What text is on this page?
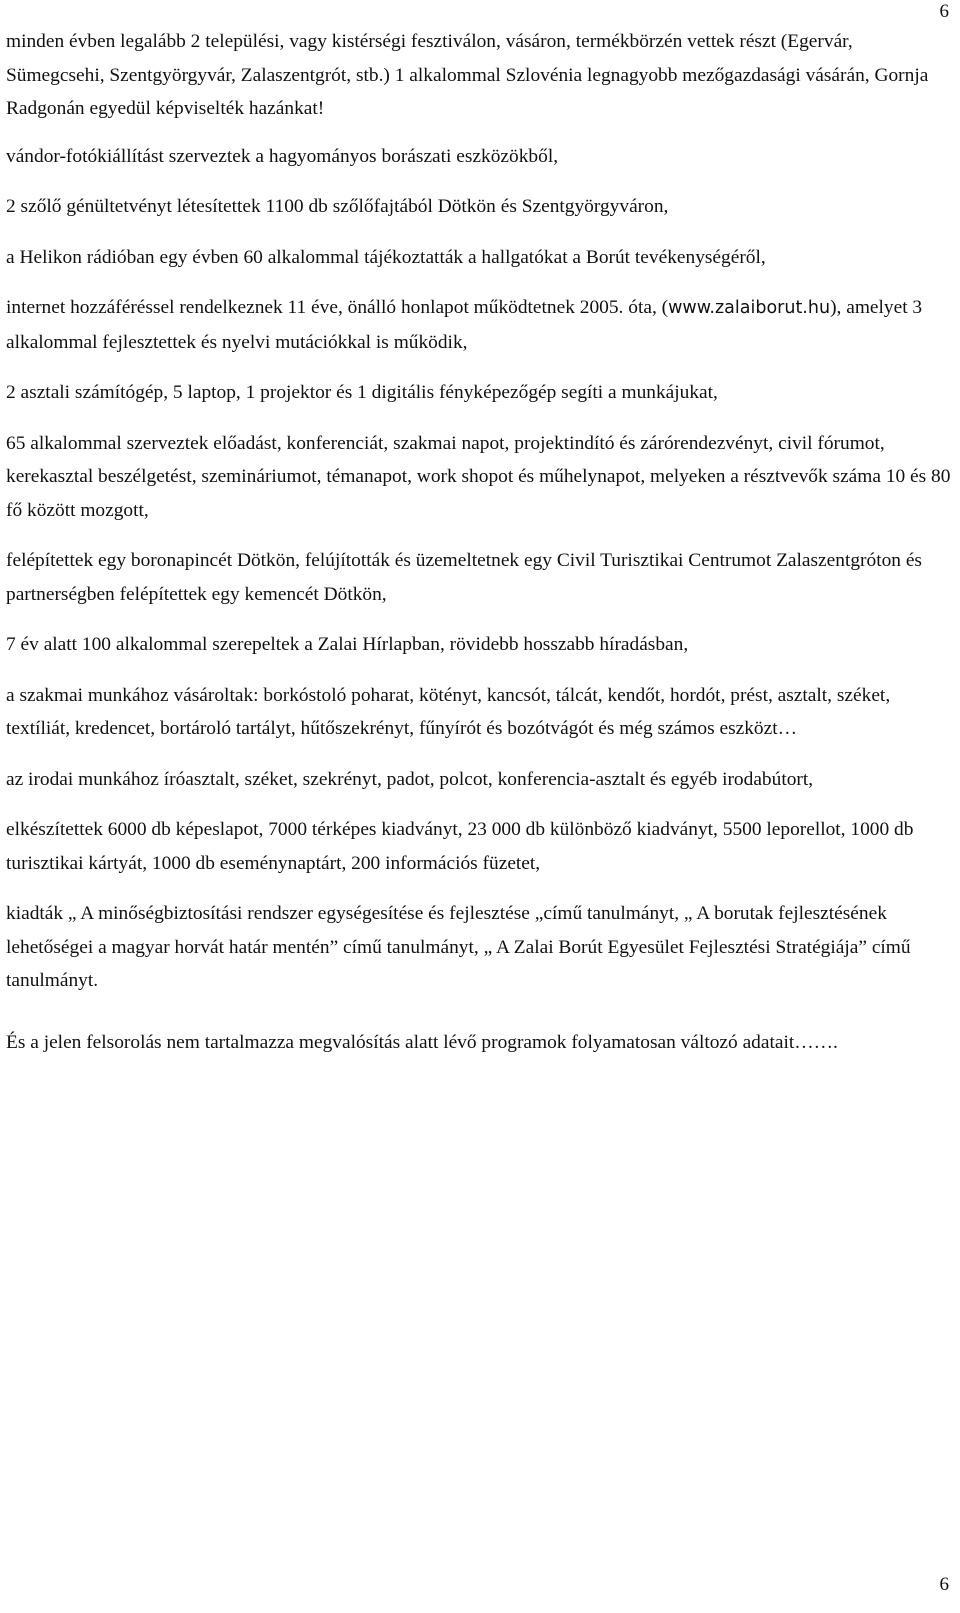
6

minden évben legalább 2 települési, vagy kistérségi fesztiválon, vásáron, termékbörzén vettek részt (Egervár, Sümegcsehi, Szentgyörgyvár, Zalaszentgrót, stb.) 1 alkalommal Szlovénia legnagyobb mezőgazdasági vásárán, Gornja Radgonán egyedül képviselték hazánkat!

vándor-fotókiállítást szerveztek a hagyományos borászati eszközökből,

2 szőlő génültetvényt létesítettek 1100 db szőlőfajtából Dötkön és Szentgyörgyváron,

a Helikon rádióban egy évben 60 alkalommal tájékoztatták a hallgatókat a Borút tevékenységéről,

internet hozzáféréssel rendelkeznek 11 éve, önálló honlapot működtetnek 2005. óta, (www.zalaiborut.hu), amelyet 3 alkalommal fejlesztettek és nyelvi mutációkkal is működik,

2 asztali számítógép, 5 laptop, 1 projektor és 1 digitális fényképezőgép segíti a munkájukat,

65 alkalommal szerveztek előadást, konferenciát, szakmai napot, projektindító és zárórendezvényt, civil fórumot, kerekasztal beszélgetést, szemináriumot, témanapot, work shopot és műhelynapot, melyeken a résztvevők száma 10 és 80 fő között mozgott,

felépítettek egy boronapincét Dötkön, felújították és üzemeltetnek egy Civil Turisztikai Centrumot Zalaszentgróton és partnerségben felépítettek egy kemencét Dötkön,

7 év alatt 100 alkalommal szerepeltek a Zalai Hírlapban, rövidebb hosszabb híradásban,

a szakmai munkához vásároltak: borkóstoló poharat, kötényt, kancsót, tálcát, kendőt, hordót, prést, asztalt, széket, textíliát, kredencet, bortároló tartályt, hűtőszekrényt, fűnyírót és bozótvágót és még számos eszközt…

az irodai munkához íróasztalt, széket, szekrényt, padot, polcot, konferencia-asztalt és egyéb irodabútort,

elkészítettek 6000 db képeslapot, 7000 térképes kiadványt, 23 000 db különböző kiadványt, 5500 leporellot, 1000 db turisztikai kártyát, 1000 db eseménynaptárt, 200 információs füzetet,

kiadták „ A minőségbiztosítási rendszer egységesítése és fejlesztése „című tanulmányt, „ A borutak fejlesztésének lehetőségei a magyar horvát határ mentén” című tanulmányt, „ A Zalai Borút Egyesület Fejlesztési Stratégiája” című tanulmányt.

És a jelen felsorolás nem tartalmazza megvalósítás alatt lévő programok folyamatosan változó adatait…….

6
